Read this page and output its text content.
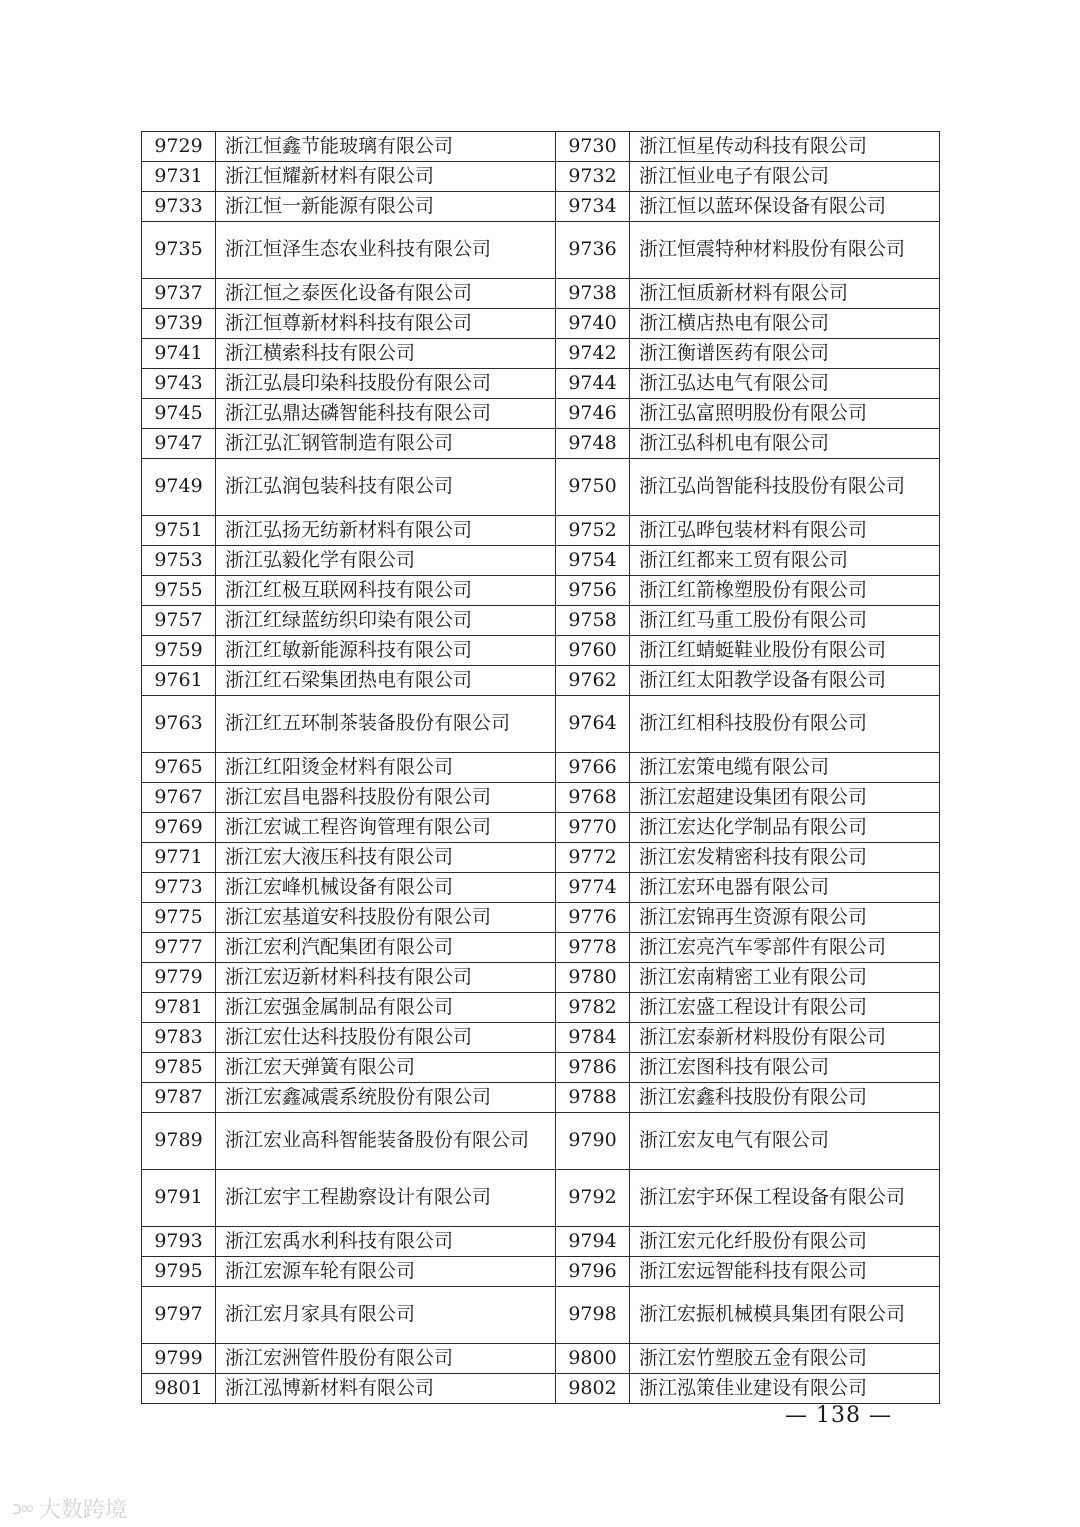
9729	浙江恒鑫节能玻璃有限公司	9730	浙江恒星传动科技有限公司
9731	浙江恒耀新材料有限公司	9732	浙江恒业电子有限公司
9733	浙江恒一新能源有限公司	9734	浙江恒以蓝环保设备有限公司
9735	浙江恒泽生态农业科技有限公司	9736	浙江恒震特种材料股份有限公司
9737	浙江恒之泰医化设备有限公司	9738	浙江恒质新材料有限公司
9739	浙江恒尊新材料科技有限公司	9740	浙江横店热电有限公司
9741	浙江横索科技有限公司	9742	浙江衡谱医药有限公司
9743	浙江弘晨印染科技股份有限公司	9744	浙江弘达电气有限公司
9745	浙江弘鼎达磷智能科技有限公司	9746	浙江弘富照明股份有限公司
9747	浙江弘汇钢管制造有限公司	9748	浙江弘科机电有限公司
9749	浙江弘润包装科技有限公司	9750	浙江弘尚智能科技股份有限公司
9751	浙江弘扬无纺新材料有限公司	9752	浙江弘晔包装材料有限公司
9753	浙江弘毅化学有限公司	9754	浙江红都来工贸有限公司
9755	浙江红极互联网科技有限公司	9756	浙江红箭橡塑股份有限公司
9757	浙江红绿蓝纺织印染有限公司	9758	浙江红马重工股份有限公司
9759	浙江红敏新能源科技有限公司	9760	浙江红蜻蜓鞋业股份有限公司
9761	浙江红石梁集团热电有限公司	9762	浙江红太阳教学设备有限公司
9763	浙江红五环制茶装备股份有限公司	9764	浙江红相科技股份有限公司
9765	浙江红阳烫金材料有限公司	9766	浙江宏策电缆有限公司
9767	浙江宏昌电器科技股份有限公司	9768	浙江宏超建设集团有限公司
9769	浙江宏诚工程咨询管理有限公司	9770	浙江宏达化学制品有限公司
9771	浙江宏大液压科技有限公司	9772	浙江宏发精密科技有限公司
9773	浙江宏峰机械设备有限公司	9774	浙江宏环电器有限公司
9775	浙江宏基道安科技股份有限公司	9776	浙江宏锦再生资源有限公司
9777	浙江宏利汽配集团有限公司	9778	浙江宏亮汽车零部件有限公司
9779	浙江宏迈新材料科技有限公司	9780	浙江宏南精密工业有限公司
9781	浙江宏强金属制品有限公司	9782	浙江宏盛工程设计有限公司
9783	浙江宏仕达科技股份有限公司	9784	浙江宏泰新材料股份有限公司
9785	浙江宏天弹簧有限公司	9786	浙江宏图科技有限公司
9787	浙江宏鑫减震系统股份有限公司	9788	浙江宏鑫科技股份有限公司
9789	浙江宏业高科智能装备股份有限公司	9790	浙江宏友电气有限公司
9791	浙江宏宇工程勘察设计有限公司	9792	浙江宏宇环保工程设备有限公司
9793	浙江宏禹水利科技有限公司	9794	浙江宏元化纤股份有限公司
9795	浙江宏源车轮有限公司	9796	浙江宏远智能科技有限公司
9797	浙江宏月家具有限公司	9798	浙江宏振机械模具集团有限公司
9799	浙江宏洲管件股份有限公司	9800	浙江宏竹塑胶五金有限公司
9801	浙江泓博新材料有限公司	9802	浙江泓策佳业建设有限公司
— 138 —
ↄ∞ 大数跨境
